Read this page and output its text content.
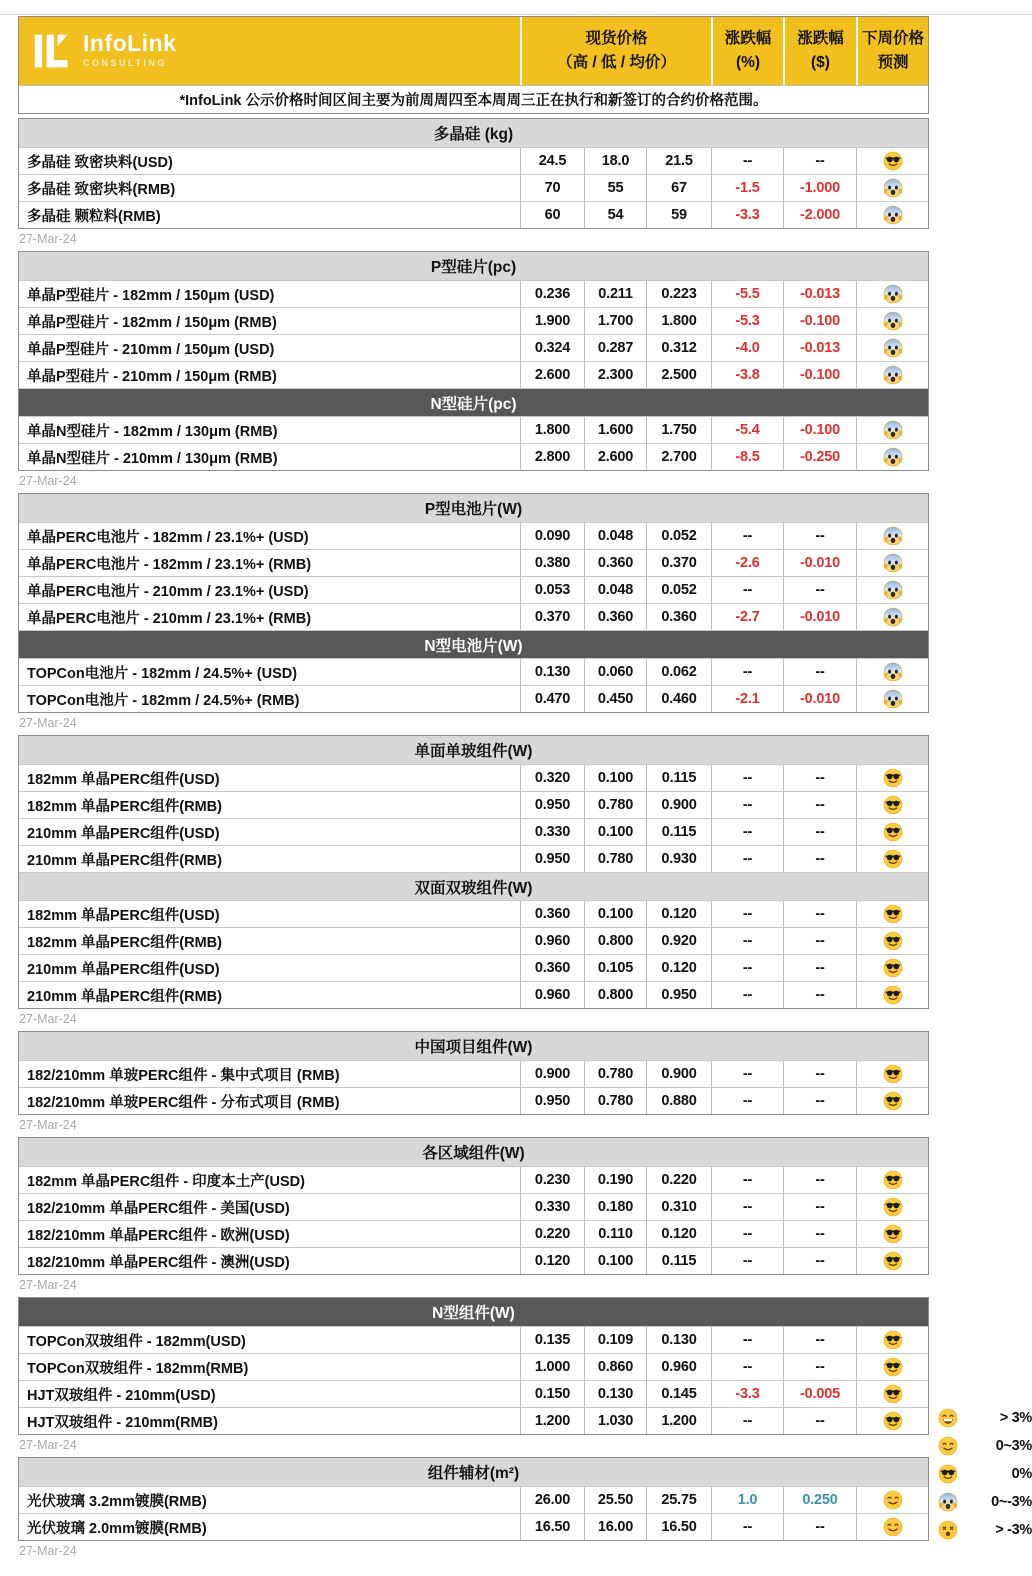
InfoLink
CONSULTING
现货价格
（高 / 低 / 均价）
涨跌幅
(%)
涨跌幅
($)
下周价格
预测
*InfoLink 公示价格时间区间主要为前周周四至本周周三正在执行和新签订的合约价格范围。
多晶硅 (kg)
多晶硅 致密块料(USD)	24.5	18.0	21.5	--	--
多晶硅 致密块料(RMB)	70	55	67	-1.5	-1.000
多晶硅 颗粒料(RMB)	60	54	59	-3.3	-2.000
27-Mar-24
P型硅片(pc)
单晶P型硅片 - 182mm / 150μm (USD)	0.236	0.211	0.223	-5.5	-0.013
单晶P型硅片 - 182mm / 150μm (RMB)	1.900	1.700	1.800	-5.3	-0.100
单晶P型硅片 - 210mm / 150μm (USD)	0.324	0.287	0.312	-4.0	-0.013
单晶P型硅片 - 210mm / 150μm (RMB)	2.600	2.300	2.500	-3.8	-0.100
N型硅片(pc)
单晶N型硅片 - 182mm / 130μm (RMB)	1.800	1.600	1.750	-5.4	-0.100
单晶N型硅片 - 210mm / 130μm (RMB)	2.800	2.600	2.700	-8.5	-0.250
27-Mar-24
P型电池片(W)
单晶PERC电池片 - 182mm / 23.1%+ (USD)	0.090	0.048	0.052	--	--
单晶PERC电池片 - 182mm / 23.1%+ (RMB)	0.380	0.360	0.370	-2.6	-0.010
单晶PERC电池片 - 210mm / 23.1%+ (USD)	0.053	0.048	0.052	--	--
单晶PERC电池片 - 210mm / 23.1%+ (RMB)	0.370	0.360	0.360	-2.7	-0.010
N型电池片(W)
TOPCon电池片 - 182mm / 24.5%+ (USD)	0.130	0.060	0.062	--	--
TOPCon电池片 - 182mm / 24.5%+ (RMB)	0.470	0.450	0.460	-2.1	-0.010
27-Mar-24
单面单玻组件(W)
182mm 单晶PERC组件(USD)	0.320	0.100	0.115	--	--
182mm 单晶PERC组件(RMB)	0.950	0.780	0.900	--	--
210mm 单晶PERC组件(USD)	0.330	0.100	0.115	--	--
210mm 单晶PERC组件(RMB)	0.950	0.780	0.930	--	--
双面双玻组件(W)
182mm 单晶PERC组件(USD)	0.360	0.100	0.120	--	--
182mm 单晶PERC组件(RMB)	0.960	0.800	0.920	--	--
210mm 单晶PERC组件(USD)	0.360	0.105	0.120	--	--
210mm 单晶PERC组件(RMB)	0.960	0.800	0.950	--	--
27-Mar-24
中国项目组件(W)
182/210mm 单玻PERC组件 - 集中式项目 (RMB)	0.900	0.780	0.900	--	--
182/210mm 单玻PERC组件 - 分布式项目 (RMB)	0.950	0.780	0.880	--	--
27-Mar-24
各区域组件(W)
182mm 单晶PERC组件 - 印度本土产(USD)	0.230	0.190	0.220	--	--
182/210mm 单晶PERC组件 - 美国(USD)	0.330	0.180	0.310	--	--
182/210mm 单晶PERC组件 - 欧洲(USD)	0.220	0.110	0.120	--	--
182/210mm 单晶PERC组件 - 澳洲(USD)	0.120	0.100	0.115	--	--
27-Mar-24
N型组件(W)
TOPCon双玻组件 - 182mm(USD)	0.135	0.109	0.130	--	--
TOPCon双玻组件 - 182mm(RMB)	1.000	0.860	0.960	--	--
HJT双玻组件 - 210mm(USD)	0.150	0.130	0.145	-3.3	-0.005
HJT双玻组件 - 210mm(RMB)	1.200	1.030	1.200	--	--
27-Mar-24
组件辅材(m²)
光伏玻璃 3.2mm镀膜(RMB)	26.00	25.50	25.75	1.0	0.250
光伏玻璃 2.0mm镀膜(RMB)	16.50	16.00	16.50	--	--
27-Mar-24
> 3%
0~3%
0%
0~-3%
> -3%
